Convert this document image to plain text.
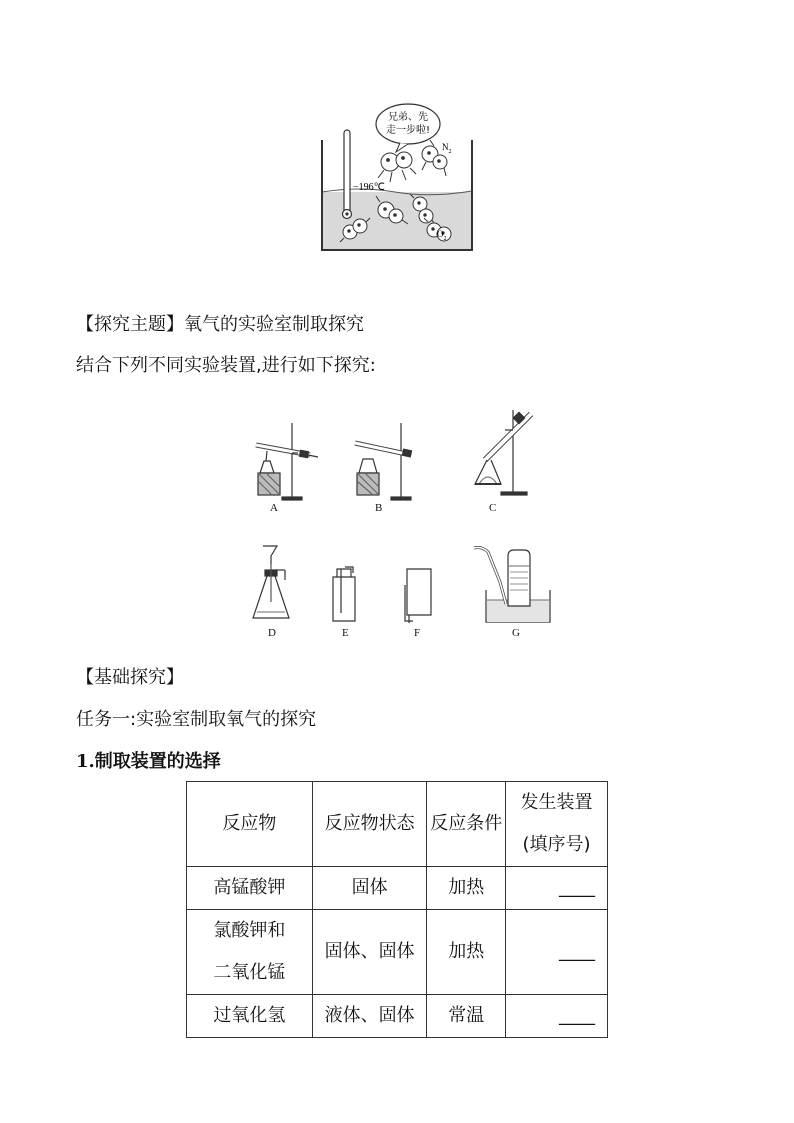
兄弟、先
走一步啦!
−196℃
$N_2$
$O_2$
【探究主题】氧气的实验室制取探究
结合下列不同实验装置,进行如下探究:
A	B	C
D	E	F	G
【基础探究】
任务一:实验室制取氧气的探究
1.制取装置的选择
反应物	反应物状态	反应条件	发生装置
(填序号)

高锰酸钾	固体	加热	____

氯酸钾和
二氧化锰	固体、固体	加热	____
过氧化氢	液体、固体	常温	____
